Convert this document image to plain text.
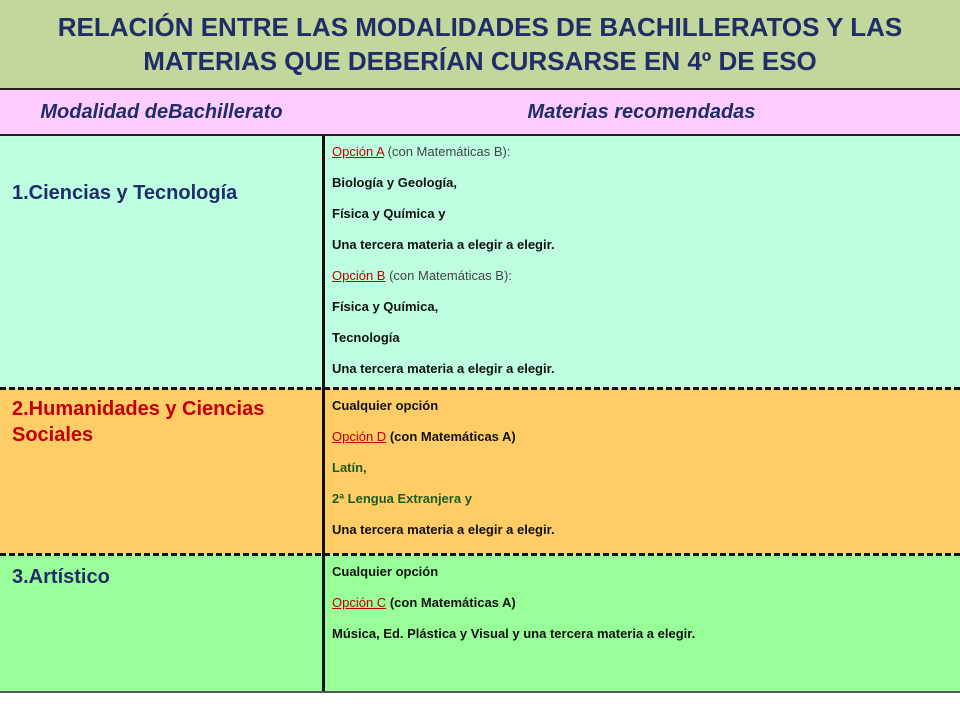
RELACIÓN ENTRE LAS MODALIDADES DE BACHILLERATOS Y LAS
MATERIAS QUE DEBERÍAN CURSARSE EN 4º DE ESO
Modalidad deBachillerato	Materias recomendadas
1.Ciencias y Tecnología
Opción A (con Matemáticas B):
Biología y Geología,
Física y Química y
Una tercera materia a elegir a elegir.
Opción B (con Matemáticas B):
Física y Química,
Tecnología
Una tercera materia a elegir a elegir.
2.Humanidades y Ciencias Sociales
Cualquier opción
Opción D (con Matemáticas A)
Latín,
2ª Lengua Extranjera y
Una tercera materia a elegir a elegir.
3.Artístico	Cualquier opción
Opción C (con Matemáticas A)
Música, Ed. Plástica y Visual y una tercera materia a elegir.
